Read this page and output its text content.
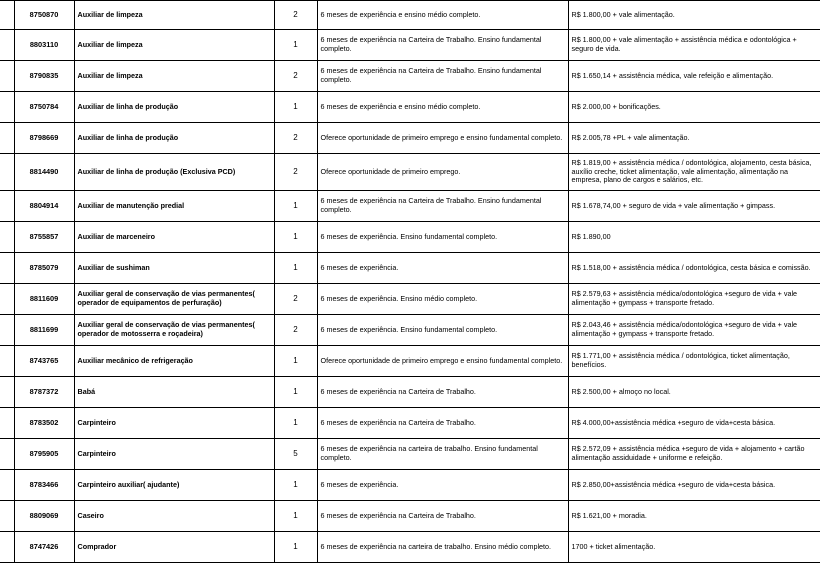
	8750870	Auxiliar de limpeza	2	6 meses de experiência e ensino médio completo.	R$ 1.800,00 + vale alimentação.
	8803110	Auxiliar de limpeza	1	6 meses de experiência na Carteira de Trabalho. Ensino fundamental completo.	R$ 1.800,00 + vale alimentação + assistência médica e odontológica + seguro de vida.
	8790835	Auxiliar de limpeza	2	6 meses de experiência na Carteira de Trabalho. Ensino fundamental completo.	R$ 1.650,14 + assistência médica, vale refeição e alimentação.
	8750784	Auxiliar de linha de produção	1	6 meses de experiência e ensino médio completo.	R$ 2.000,00 + bonificações.
	8798669	Auxiliar de linha de produção	2	Oferece oportunidade de primeiro emprego e ensino fundamental completo.	R$ 2.005,78 +PL + vale alimentação.
	8814490	Auxiliar de linha de produção (Exclusiva PCD)	2	Oferece oportunidade de primeiro emprego.	R$ 1.819,00 + assistência médica / odontológica, alojamento, cesta básica, auxílio creche, ticket alimentação, vale alimentação, alimentação na empresa, plano de cargos e salários, etc.
	8804914	Auxiliar de manutenção predial	1	6 meses de experiência na Carteira de Trabalho. Ensino fundamental completo.	R$ 1.678,74,00 + seguro de vida + vale alimentação + gimpass.
	8755857	Auxiliar de marceneiro	1	6 meses de experiência. Ensino fundamental completo.	R$ 1.890,00
	8785079	Auxiliar de sushiman	1	6 meses de experiência.	R$ 1.518,00 + assistência médica / odontológica, cesta básica e comissão.
	8811609	Auxiliar geral de conservação de vias permanentes( operador de equipamentos de perfuração)	2	6 meses de experiência. Ensino médio completo.	R$ 2.579,63 + assistência médica/odontológica +seguro de vida + vale alimentação + gympass + transporte fretado.
	8811699	Auxiliar geral de conservação de vias permanentes( operador de motosserra e roçadeira)	2	6 meses de experiência. Ensino fundamental completo.	R$ 2.043,46 + assistência médica/odontológica +seguro de vida + vale alimentação + gympass + transporte fretado.
	8743765	Auxiliar mecânico de refrigeração	1	Oferece oportunidade de primeiro emprego e ensino fundamental completo.	R$ 1.771,00 + assistência médica / odontológica, ticket alimentação, benefícios.
	8787372	Babá	1	6 meses de experiência na Carteira de Trabalho.	R$ 2.500,00 + almoço no local.
	8783502	Carpinteiro	1	6 meses de experiência na Carteira de Trabalho.	R$ 4.000,00+assistência médica +seguro de vida+cesta básica.
	8795905	Carpinteiro	5	6 meses de experiência na carteira de trabalho. Ensino fundamental completo.	R$ 2.572,09 + assistência médica +seguro de vida + alojamento + cartão alimentação assiduidade + uniforme e refeição.
	8783466	Carpinteiro auxiliar( ajudante)	1	6 meses de experiência.	R$ 2.850,00+assistência médica +seguro de vida+cesta básica.
	8809069	Caseiro	1	6 meses de experiência na Carteira de Trabalho.	R$ 1.621,00 + moradia.
	8747426	Comprador	1	6 meses de experiência na carteira de trabalho. Ensino médio completo.	1700 + ticket alimentação.
